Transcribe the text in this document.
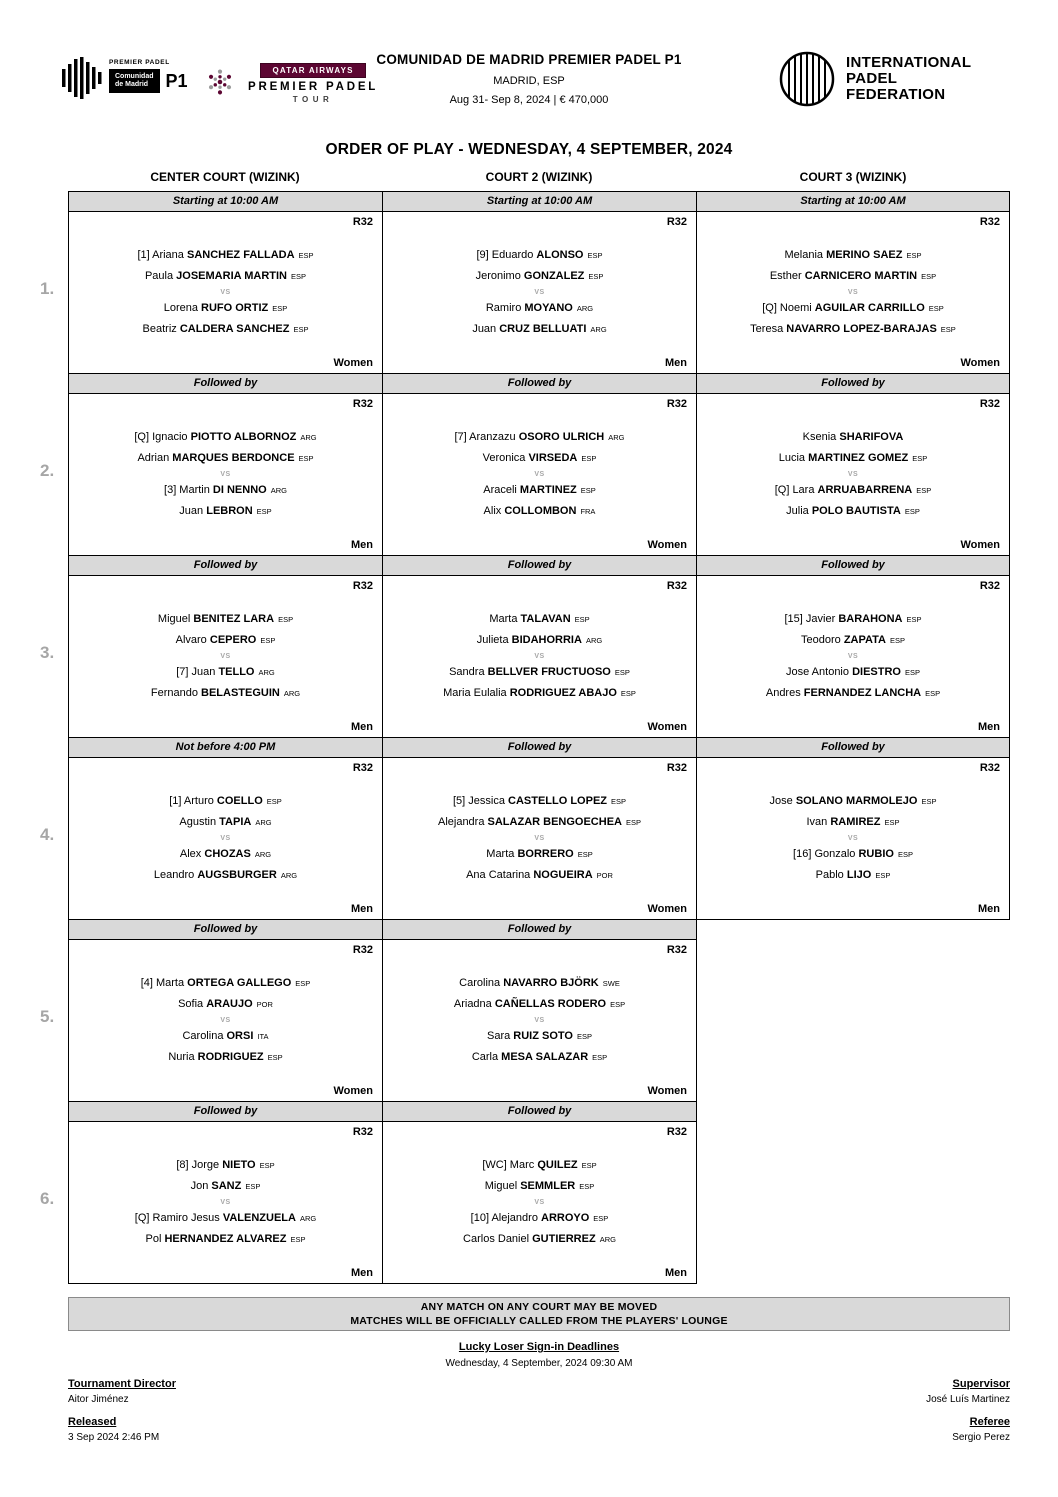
PREMIER PADEL
Comunidad
de Madrid P1	QATAR AIRWAYS
PREMIER PADEL
TOUR
COMUNIDAD DE MADRID PREMIER PADEL P1
MADRID, ESP
Aug 31- Sep 8, 2024 | € 470,000
INTERNATIONAL
PADEL
FEDERATION
ORDER OF PLAY - WEDNESDAY, 4 SEPTEMBER, 2024
CENTER COURT (WIZINK)	COURT 2 (WIZINK)	COURT 3 (WIZINK)
1.
Starting at 10:00 AM
R32
[1] Ariana SANCHEZ FALLADA ESP
Paula JOSEMARIA MARTIN ESP
VS
Lorena RUFO ORTIZ ESP
Beatriz CALDERA SANCHEZ ESP
Women
Starting at 10:00 AM
R32
[9] Eduardo ALONSO ESP
Jeronimo GONZALEZ ESP
VS
Ramiro MOYANO ARG
Juan CRUZ BELLUATI ARG
Men
Starting at 10:00 AM
R32
Melania MERINO SAEZ ESP
Esther CARNICERO MARTIN ESP
VS
[Q] Noemi AGUILAR CARRILLO ESP
Teresa NAVARRO LOPEZ-BARAJAS ESP
Women
2.
Followed by
R32
[Q] Ignacio PIOTTO ALBORNOZ ARG
Adrian MARQUES BERDONCE ESP
VS
[3] Martin DI NENNO ARG
Juan LEBRON ESP
Men
Followed by
R32
[7] Aranzazu OSORO ULRICH ARG
Veronica VIRSEDA ESP
VS
Araceli MARTINEZ ESP
Alix COLLOMBON FRA
Women
Followed by
R32
Ksenia SHARIFOVA
Lucia MARTINEZ GOMEZ ESP
VS
[Q] Lara ARRUABARRENA ESP
Julia POLO BAUTISTA ESP
Women
3.
Followed by
R32
Miguel BENITEZ LARA ESP
Alvaro CEPERO ESP
VS
[7] Juan TELLO ARG
Fernando BELASTEGUIN ARG
Men
Followed by
R32
Marta TALAVAN ESP
Julieta BIDAHORRIA ARG
VS
Sandra BELLVER FRUCTUOSO ESP
Maria Eulalia RODRIGUEZ ABAJO ESP
Women
Followed by
R32
[15] Javier BARAHONA ESP
Teodoro ZAPATA ESP
VS
Jose Antonio DIESTRO ESP
Andres FERNANDEZ LANCHA ESP
Men
4.
Not before 4:00 PM
R32
[1] Arturo COELLO ESP
Agustin TAPIA ARG
VS
Alex CHOZAS ARG
Leandro AUGSBURGER ARG
Men
Followed by
R32
[5] Jessica CASTELLO LOPEZ ESP
Alejandra SALAZAR BENGOECHEA ESP
VS
Marta BORRERO ESP
Ana Catarina NOGUEIRA POR
Women
Followed by
R32
Jose SOLANO MARMOLEJO ESP
Ivan RAMIREZ ESP
VS
[16] Gonzalo RUBIO ESP
Pablo LIJO ESP
Men
5.
Followed by
R32
[4] Marta ORTEGA GALLEGO ESP
Sofia ARAUJO POR
VS
Carolina ORSI ITA
Nuria RODRIGUEZ ESP
Women
Followed by
R32
Carolina NAVARRO BJÖRK SWE
Ariadna CAÑELLAS RODERO ESP
VS
Sara RUIZ SOTO ESP
Carla MESA SALAZAR ESP
Women
6.
Followed by
R32
[8] Jorge NIETO ESP
Jon SANZ ESP
VS
[Q] Ramiro Jesus VALENZUELA ARG
Pol HERNANDEZ ALVAREZ ESP
Men
Followed by
R32
[WC] Marc QUILEZ ESP
Miguel SEMMLER ESP
VS
[10] Alejandro ARROYO ESP
Carlos Daniel GUTIERREZ ARG
Men
ANY MATCH ON ANY COURT MAY BE MOVED
MATCHES WILL BE OFFICIALLY CALLED FROM THE PLAYERS' LOUNGE
Lucky Loser Sign-in Deadlines
Wednesday, 4 September, 2024 09:30 AM
Tournament Director
Aitor Jiménez
Released
3 Sep 2024 2:46 PM
Supervisor
José Luís Martinez
Referee
Sergio Perez
